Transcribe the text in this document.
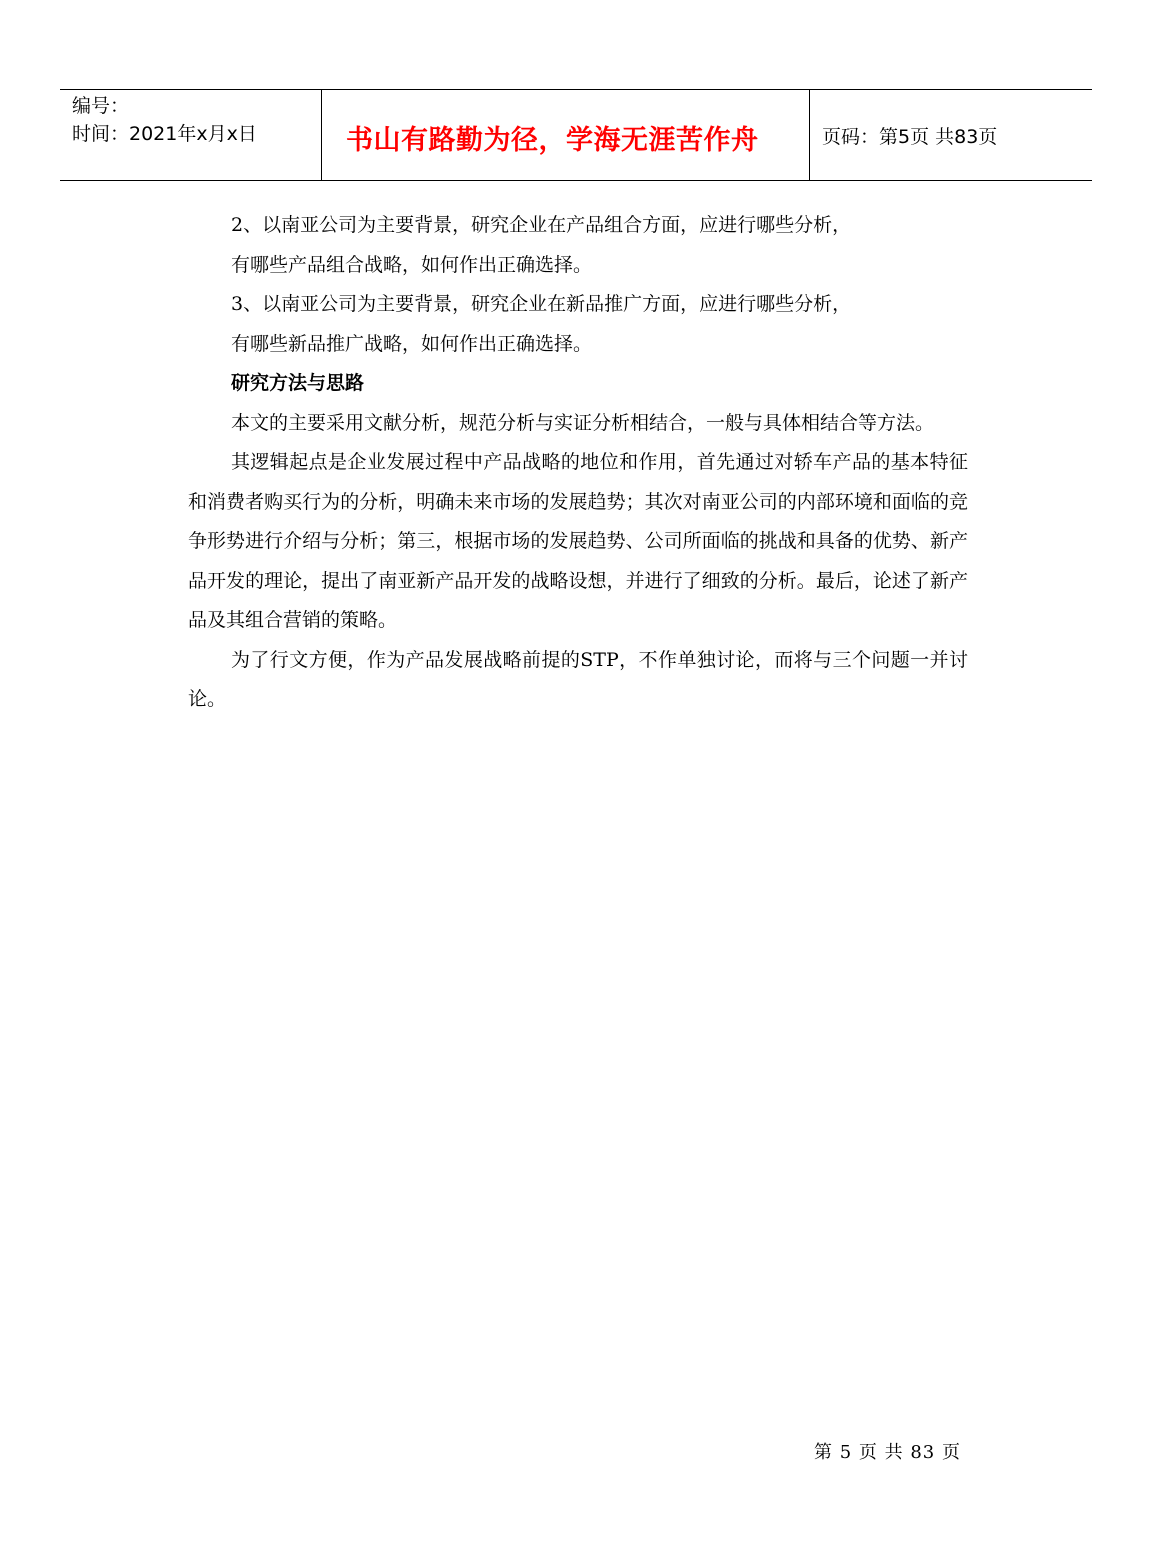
编号：
时间：2021年x月x日	书山有路勤为径，学海无涯苦作舟	页码：第5页 共83页

2、以南亚公司为主要背景，研究企业在产品组合方面，应进行哪些分析，

有哪些产品组合战略，如何作出正确选择。

3、以南亚公司为主要背景，研究企业在新品推广方面，应进行哪些分析，

有哪些新品推广战略，如何作出正确选择。

研究方法与思路

本文的主要采用文献分析，规范分析与实证分析相结合，一般与具体相结合等方法。

其逻辑起点是企业发展过程中产品战略的地位和作用，首先通过对轿车产品的基本特征和消费者购买行为的分析，明确未来市场的发展趋势；其次对南亚公司的内部环境和面临的竞争形势进行介绍与分析；第三，根据市场的发展趋势、公司所面临的挑战和具备的优势、新产品开发的理论，提出了南亚新产品开发的战略设想，并进行了细致的分析。最后，论述了新产品及其组合营销的策略。

为了行文方便，作为产品发展战略前提的STP，不作单独讨论，而将与三个问题一并讨论。

第 5 页 共 83 页
